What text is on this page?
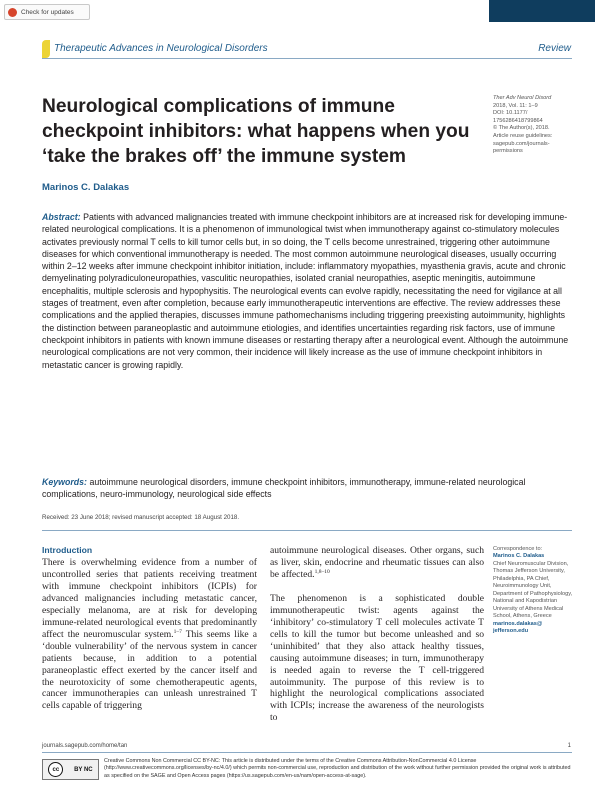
Check for updates
Therapeutic Advances in Neurological Disorders	Review
Neurological complications of immune checkpoint inhibitors: what happens when you ‘take the brakes off’ the immune system
Marinos C. Dalakas
Ther Adv Neurol Disord
2018, Vol. 11: 1–9
DOI: 10.1177/ 1756286418799864
© The Author(s), 2018.
Article reuse guidelines: sagepub.com/journals-permissions
Abstract: Patients with advanced malignancies treated with immune checkpoint inhibitors are at increased risk for developing immune-related neurological complications. It is a phenomenon of immunological twist when immunotherapy against co-stimulatory molecules activates previously normal T cells to kill tumor cells but, in so doing, the T cells become unrestrained, triggering other autoimmune diseases for which conventional immunotherapy is needed. The most common autoimmune neurological diseases, usually occurring within 2–12 weeks after immune checkpoint inhibitor initiation, include: inflammatory myopathies, myasthenia gravis, acute and chronic demyelinating polyradiculoneuropathies, vasculitic neuropathies, isolated cranial neuropathies, aseptic meningitis, autoimmune encephalitis, multiple sclerosis and hypophysitis. The neurological events can evolve rapidly, necessitating the need for vigilance at all stages of treatment, even after completion, because early immunotherapeutic interventions are effective. The review addresses these complications and the applied therapies, discusses immune pathomechanisms including triggering preexisting autoimmunity, highlights the distinction between paraneoplastic and autoimmune etiologies, and identifies uncertainties regarding risk factors, use of immune checkpoint inhibitors in patients with known immune diseases or restarting therapy after a neurological event. Although the autoimmune neurological complications are not very common, their incidence will likely increase as the use of immune checkpoint inhibitors in metastatic cancer is growing rapidly.
Keywords: autoimmune neurological disorders, immune checkpoint inhibitors, immunotherapy, immune-related neurological complications, neuro-immunology, neurological side effects
Received: 23 June 2018; revised manuscript accepted: 18 August 2018.
Introduction
There is overwhelming evidence from a number of uncontrolled series that patients receiving treatment with immune checkpoint inhibitors (ICPIs) for advanced malignancies including metastatic cancer, especially melanoma, are at risk for developing immune-related neurological events that predominantly affect the neuromuscular system.$^{1-7}$ This seems like a ‘double vulnerability’ of the nervous system in cancer patients because, in addition to a potential paraneoplastic effect exerted by the cancer itself and the neurotoxicity of some chemotherapeutic agents, cancer immunotherapies can unleash unrestrained T cells capable of triggering

autoimmune neurological diseases. Other organs, such as liver, skin, endocrine and rheumatic tissues can also be affected.$^{1,8-10}$

The phenomenon is a sophisticated double immunotherapeutic twist: agents against the ‘inhibitory’ co-stimulatory T cell molecules activate T cells to kill the tumor but become unleashed and so ‘uninhibited’ that they also attack healthy tissues, causing autoimmune diseases; in turn, immunotherapy is needed again to reverse the T cell-triggered autoimmunity. The purpose of this review is to highlight the neurological complications associated with ICPIs; increase the awareness of the neurologists to

Correspondence to:
Marinos C. Dalakas
Chief Neuromuscular Division, Thomas Jefferson University, Philadelphia, PA Chief, Neuroimmunology Unit, Department of Pathophysiology, National and Kapodistrian University of Athens Medical School, Athens, Greece
marinos.dalakas@ jefferson.edu
journals.sagepub.com/home/tan	1
cc	BY NC
Creative Commons Non Commercial CC BY-NC: This article is distributed under the terms of the Creative Commons Attribution-NonCommercial 4.0 License (http://www.creativecommons.org/licenses/by-nc/4.0/) which permits non-commercial use, reproduction and distribution of the work without further permission provided the original work is attributed as specified on the SAGE and Open Access pages (https://us.sagepub.com/en-us/nam/open-access-at-sage).
